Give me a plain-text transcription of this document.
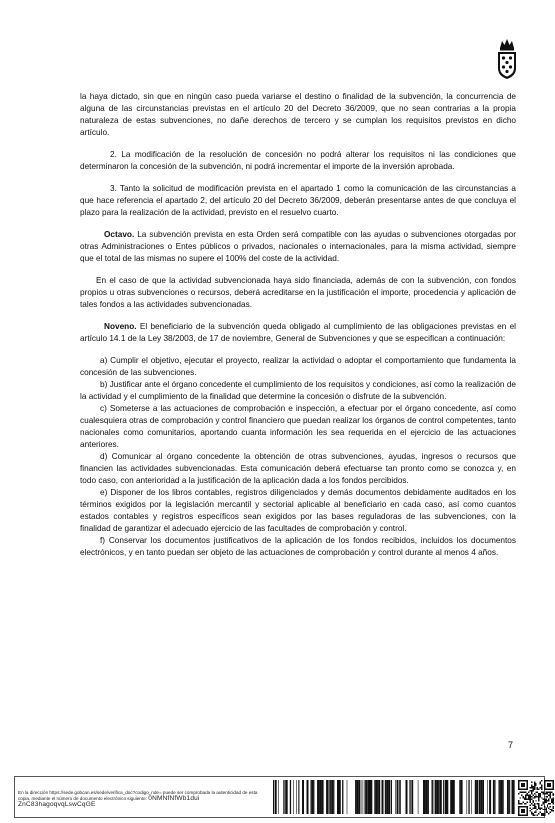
la haya dictado, sin que en ningún caso pueda variarse el destino o finalidad de la subvención, la concurrencia de alguna de las circunstancias previstas en el artículo 20 del Decreto 36/2009, que no sean contrarias a la propia naturaleza de estas subvenciones, no dañe derechos de tercero y se cumplan los requisitos previstos en dicho artículo.

2. La modificación de la resolución de concesión no podrá alterar los requisitos ni las condiciones que determinaron la concesión de la subvención, ni podrá incrementar el importe de la inversión aprobada.

3. Tanto la solicitud de modificación prevista en el apartado 1 como la comunicación de las circunstancias a que hace referencia el apartado 2, del artículo 20 del Decreto 36/2009, deberán presentarse antes de que concluya el plazo para la realización de la actividad, previsto en el resuelvo cuarto.

Octavo. La subvención prevista en esta Orden será compatible con las ayudas o subvenciones otorgadas por otras Administraciones o Entes públicos o privados, nacionales o internacionales, para la misma actividad, siempre que el total de las mismas no supere el 100% del coste de la actividad.

En el caso de que la actividad subvencionada haya sido financiada, además de con la subvención, con fondos propios u otras subvenciones o recursos, deberá acreditarse en la justificación el importe, procedencia y aplicación de tales fondos a las actividades subvencionadas.

Noveno. El beneficiario de la subvención queda obligado al cumplimiento de las obligaciones previstas en el artículo 14.1 de la Ley 38/2003, de 17 de noviembre, General de Subvenciones y que se especifican a continuación:

a) Cumplir el objetivo, ejecutar el proyecto, realizar la actividad o adoptar el comportamiento que fundamenta la concesión de las subvenciones.

b) Justificar ante el órgano concedente el cumplimiento de los requisitos y condiciones, así como la realización de la actividad y el cumplimiento de la finalidad que determine la concesión o disfrute de la subvención.

c) Someterse a las actuaciones de comprobación e inspección, a efectuar por el órgano concedente, así como cualesquiera otras de comprobación y control financiero que puedan realizar los órganos de control competentes, tanto nacionales como comunitarios, aportando cuanta información les sea requerida en el ejercicio de las actuaciones anteriores.

d) Comunicar al órgano concedente la obtención de otras subvenciones, ayudas, ingresos o recursos que financien las actividades subvencionadas. Esta comunicación deberá efectuarse tan pronto como se conozca y, en todo caso, con anterioridad a la justificación de la aplicación dada a los fondos percibidos.

e) Disponer de los libros contables, registros diligenciados y demás documentos debidamente auditados en los términos exigidos por la legislación mercantil y sectorial aplicable al beneficiario en cada caso, así como cuantos estados contables y registros específicos sean exigidos por las bases reguladoras de las subvenciones, con la finalidad de garantizar el adecuado ejercicio de las facultades de comprobación y control.

f) Conservar los documentos justificativos de la aplicación de los fondos recibidos, incluidos los documentos electrónicos, y en tanto puedan ser objeto de las actuaciones de comprobación y control durante al menos 4 años.

7
En la dirección https://sede.gobcan.es/sede/verifica_doc?codigo_nde= puede ser comprobada la autenticidad de esta copia, mediante el número de documento electrónico siguiente: 0NMNfNfWb1dui ZnC83hagoqvqLswCqGE
